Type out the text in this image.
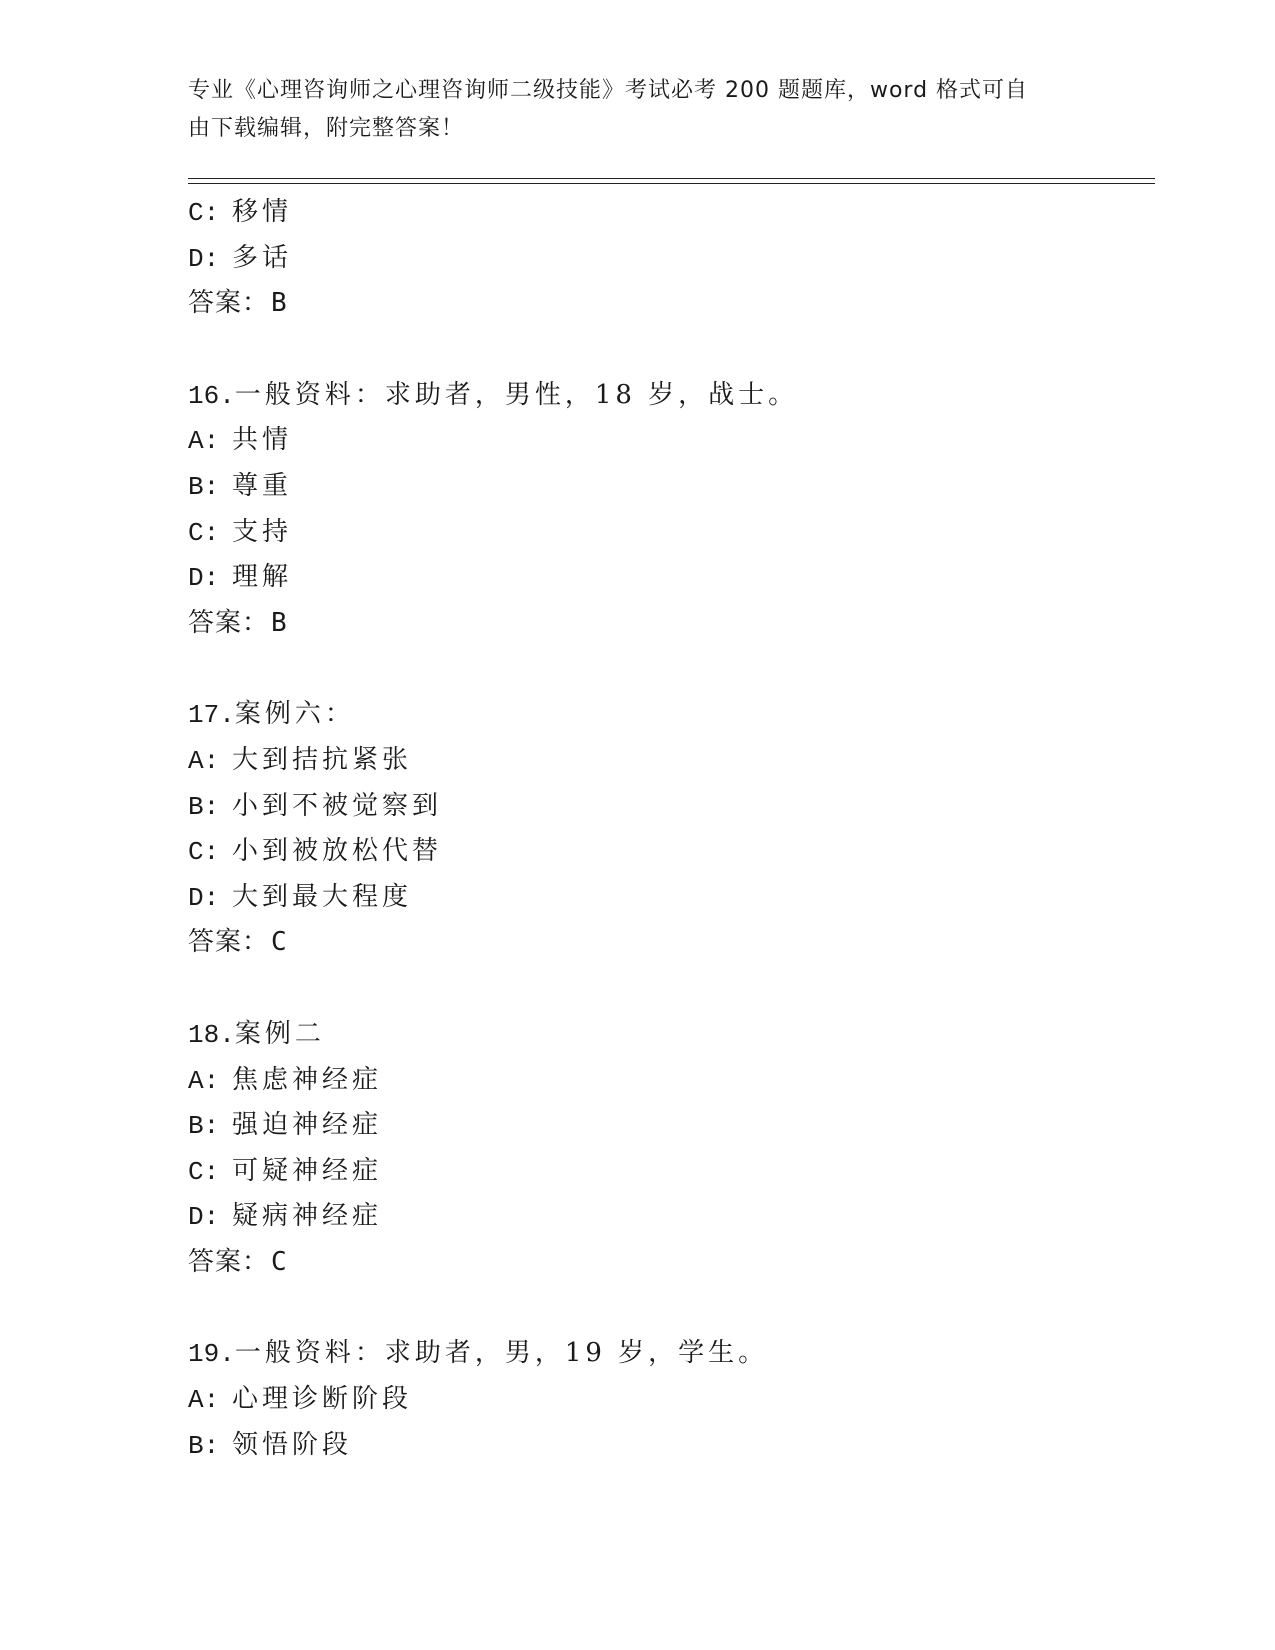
专业《心理咨询师之心理咨询师二级技能》考试必考 200 题题库，word 格式可自
由下载编辑，附完整答案！
C: 移情
D: 多话
答案：B
16.一般资料：求助者，男性，18 岁，战士。
A: 共情
B: 尊重
C: 支持
D: 理解
答案：B
17.案例六：
A: 大到拮抗紧张
B: 小到不被觉察到
C: 小到被放松代替
D: 大到最大程度
答案：C
18.案例二
A: 焦虑神经症
B: 强迫神经症
C: 可疑神经症
D: 疑病神经症
答案：C
19.一般资料：求助者，男，19 岁，学生。
A: 心理诊断阶段
B: 领悟阶段
